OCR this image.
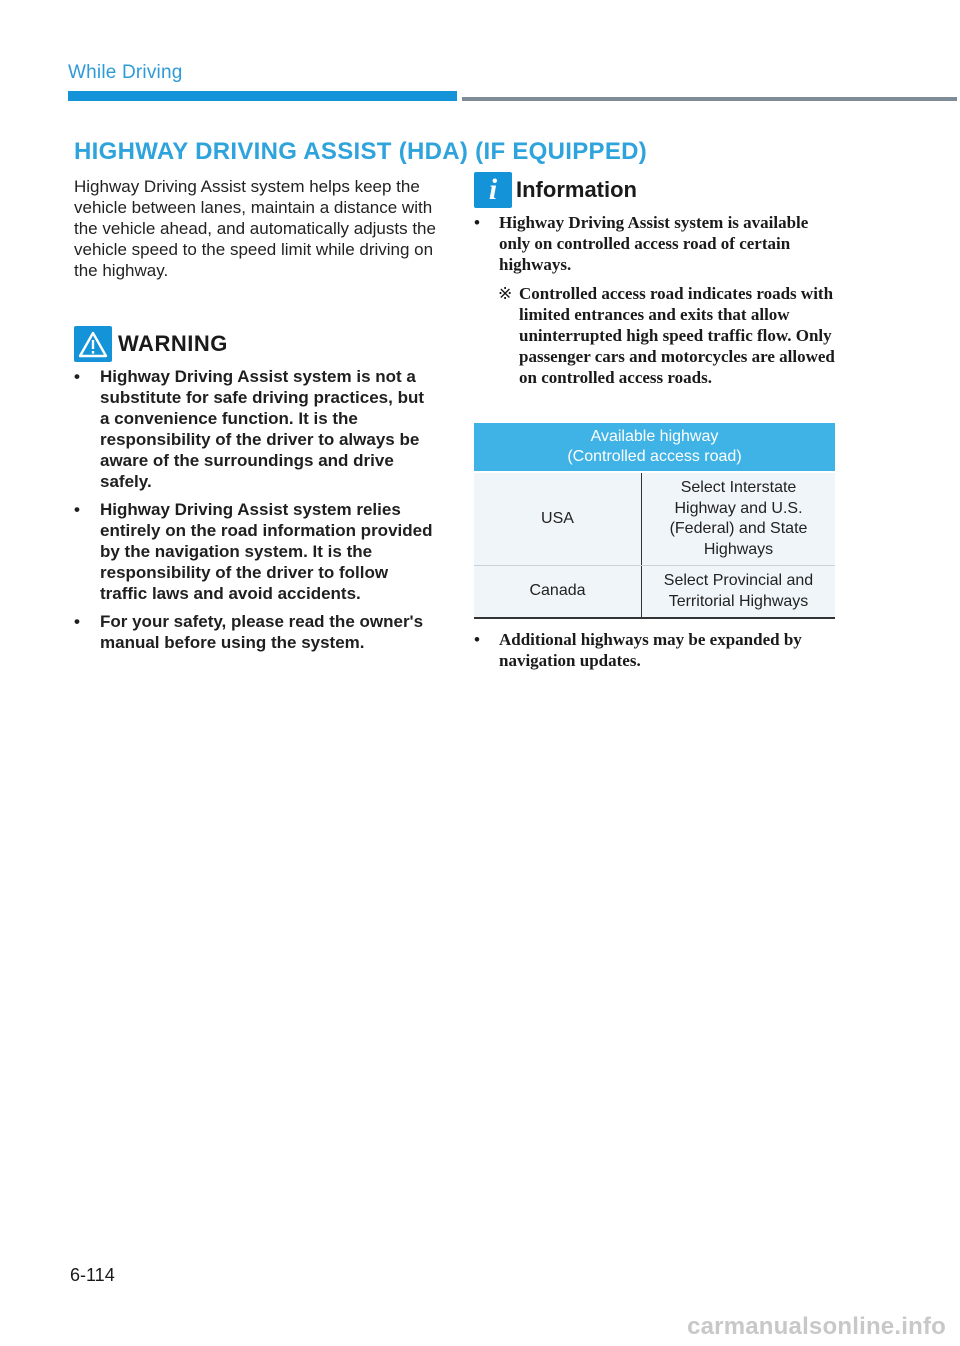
While Driving
HIGHWAY DRIVING ASSIST (HDA) (IF EQUIPPED)

Highway Driving Assist system helps keep the vehicle between lanes, maintain a distance with the vehicle ahead, and automatically adjusts the vehicle speed to the speed limit while driving on the highway.

WARNING
•	Highway Driving Assist system is not a substitute for safe driving practices, but a convenience function. It is the responsibility of the driver to always be aware of the surroundings and drive safely.
•	Highway Driving Assist system relies entirely on the road information provided by the navigation system. It is the responsibility of the driver to follow traffic laws and avoid accidents.
•	For your safety, please read the owner's manual before using the system.
i Information

• Highway Driving Assist system is available only on controlled access road of certain highways.

※ Controlled access road indicates roads with limited entrances and exits that allow uninterrupted high speed traffic flow. Only passenger cars and motorcycles are allowed on controlled access roads.

Available highway
(Controlled access road)	
USA	Select Interstate Highway and U.S. (Federal) and State Highways
Canada	Select Provincial and Territorial Highways
• Additional highways may be expanded by navigation updates.
6-114
carmanualsonline.info
